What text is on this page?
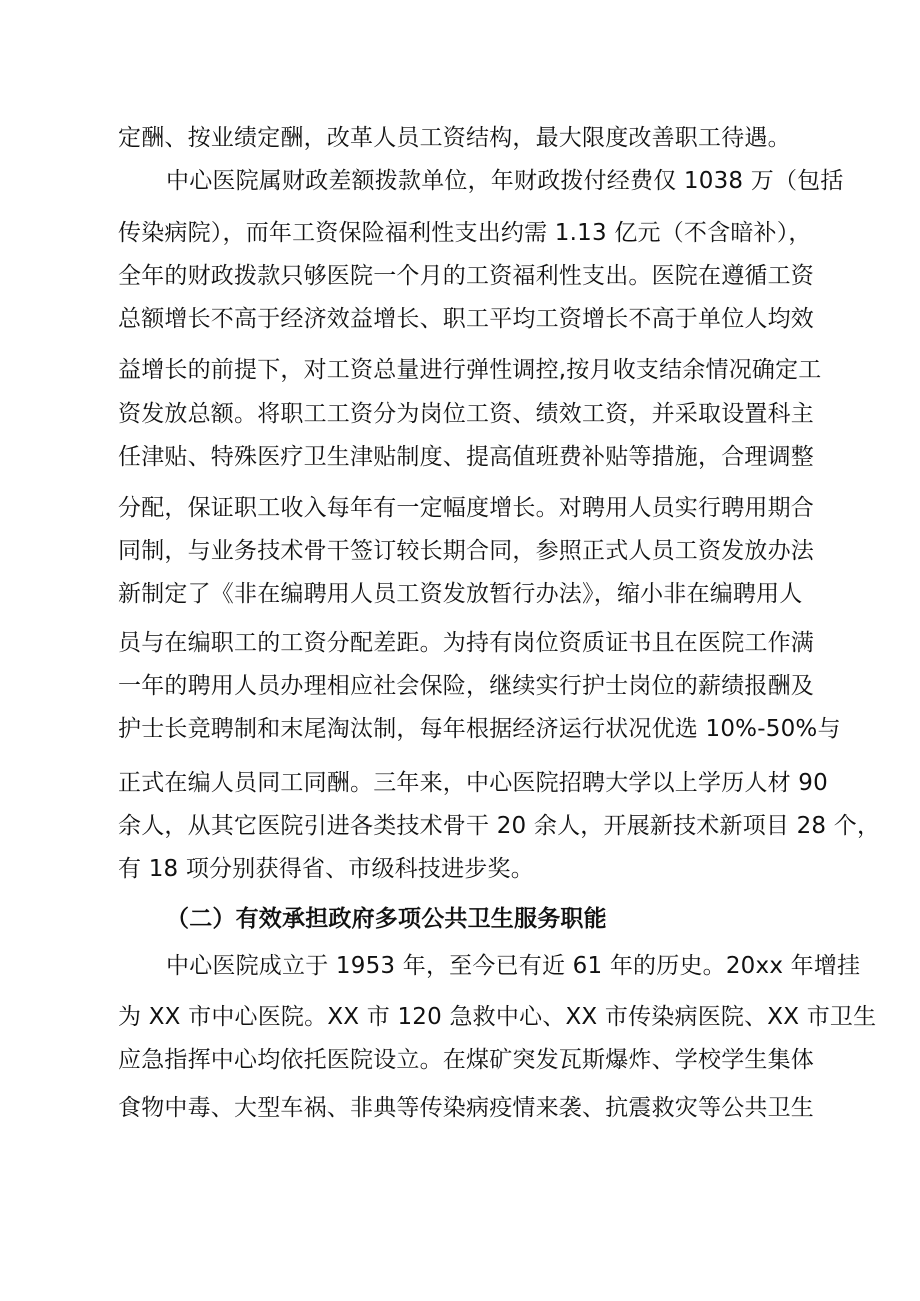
定酬、按业绩定酬，改革人员工资结构，最大限度改善职工待遇。
中心医院属财政差额拨款单位，年财政拨付经费仅 1038 万（包括
传染病院），而年工资保险福利性支出约需 1.13 亿元（不含暗补），
全年的财政拨款只够医院一个月的工资福利性支出。医院在遵循工资
总额增长不高于经济效益增长、职工平均工资增长不高于单位人均效
益增长的前提下，对工资总量进行弹性调控,按月收支结余情况确定工
资发放总额。将职工工资分为岗位工资、绩效工资，并采取设置科主
任津贴、特殊医疗卫生津贴制度、提高值班费补贴等措施，合理调整
分配，保证职工收入每年有一定幅度增长。对聘用人员实行聘用期合
同制，与业务技术骨干签订较长期合同，参照正式人员工资发放办法
新制定了《非在编聘用人员工资发放暂行办法》，缩小非在编聘用人
员与在编职工的工资分配差距。为持有岗位资质证书且在医院工作满
一年的聘用人员办理相应社会保险，继续实行护士岗位的薪绩报酬及
护士长竞聘制和末尾淘汰制，每年根据经济运行状况优选 10%-50%与
正式在编人员同工同酬。三年来，中心医院招聘大学以上学历人材 90
余人，从其它医院引进各类技术骨干 20 余人，开展新技术新项目 28 个，
有 18 项分别获得省、市级科技进步奖。
（二）有效承担政府多项公共卫生服务职能
中心医院成立于 1953 年，至今已有近 61 年的历史。20xx 年增挂
为 XX 市中心医院。XX 市 120 急救中心、XX 市传染病医院、XX 市卫生
应急指挥中心均依托医院设立。在煤矿突发瓦斯爆炸、学校学生集体
食物中毒、大型车祸、非典等传染病疫情来袭、抗震救灾等公共卫生
